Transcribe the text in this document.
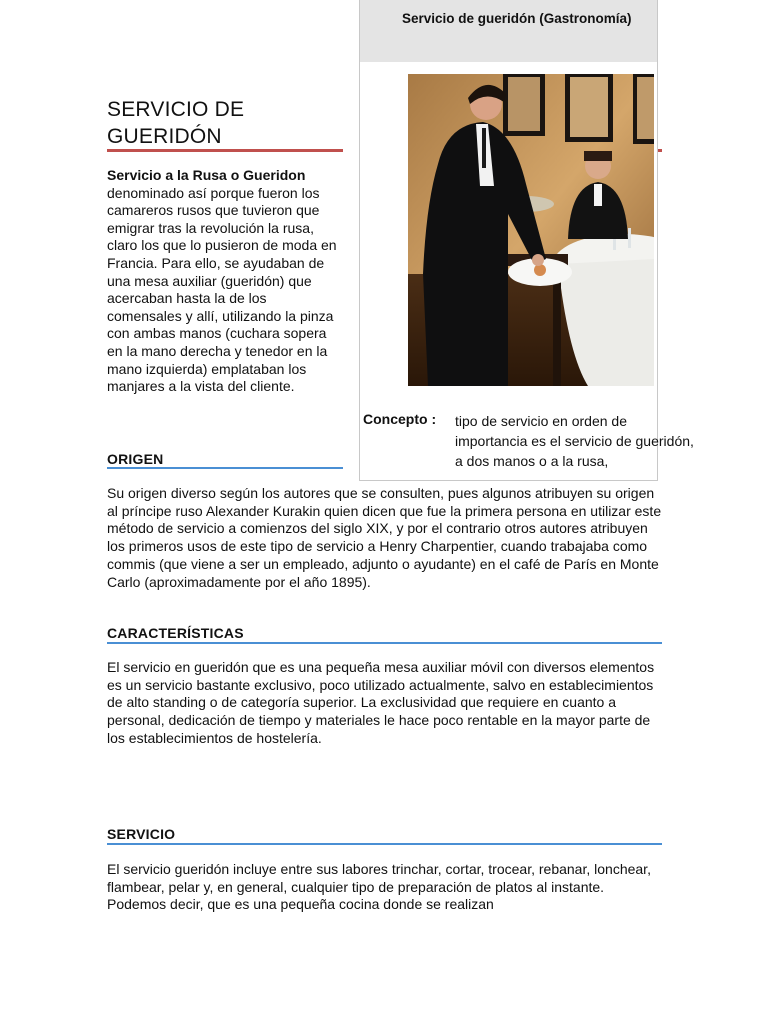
SERVICIO DE GUERIDÓN
Servicio a la Rusa o Gueridon denominado así porque fueron los camareros rusos que tuvieron que emigrar tras la revolución la rusa, claro los que lo pusieron de moda en Francia. Para ello, se ayudaban de una mesa auxiliar (gueridón) que acercaban hasta la de los comensales y allí, utilizando la pinza con ambas manos (cuchara sopera en la mano derecha y tenedor en la mano izquierda) emplataban los manjares a la vista del cliente.
Servicio de gueridón (Gastronomía)
Concepto :	tipo de servicio en orden de importancia es el servicio de gueridón, a dos manos o a la rusa,
ORIGEN
Su origen diverso según los autores que se consulten, pues algunos atribuyen su origen al príncipe ruso Alexander Kurakin quien dicen que fue la primera persona en utilizar este método de servicio a comienzos del siglo XIX, y por el contrario otros autores atribuyen los primeros usos de este tipo de servicio a Henry Charpentier, cuando trabajaba como commis (que viene a ser un empleado, adjunto o ayudante) en el café de París en Monte Carlo (aproximadamente por el año 1895).
CARACTERÍSTICAS
El servicio en gueridón que es una pequeña mesa auxiliar móvil con diversos elementos es un servicio bastante exclusivo, poco utilizado actualmente, salvo en establecimientos de alto standing o de categoría superior. La exclusividad que requiere en cuanto a personal, dedicación de tiempo y materiales le hace poco rentable en la mayor parte de los establecimientos de hostelería.
SERVICIO
El servicio gueridón incluye entre sus labores trinchar, cortar, trocear, rebanar, lonchear, flambear, pelar y, en general, cualquier tipo de preparación de platos al instante. Podemos decir, que es una pequeña cocina donde se realizan
